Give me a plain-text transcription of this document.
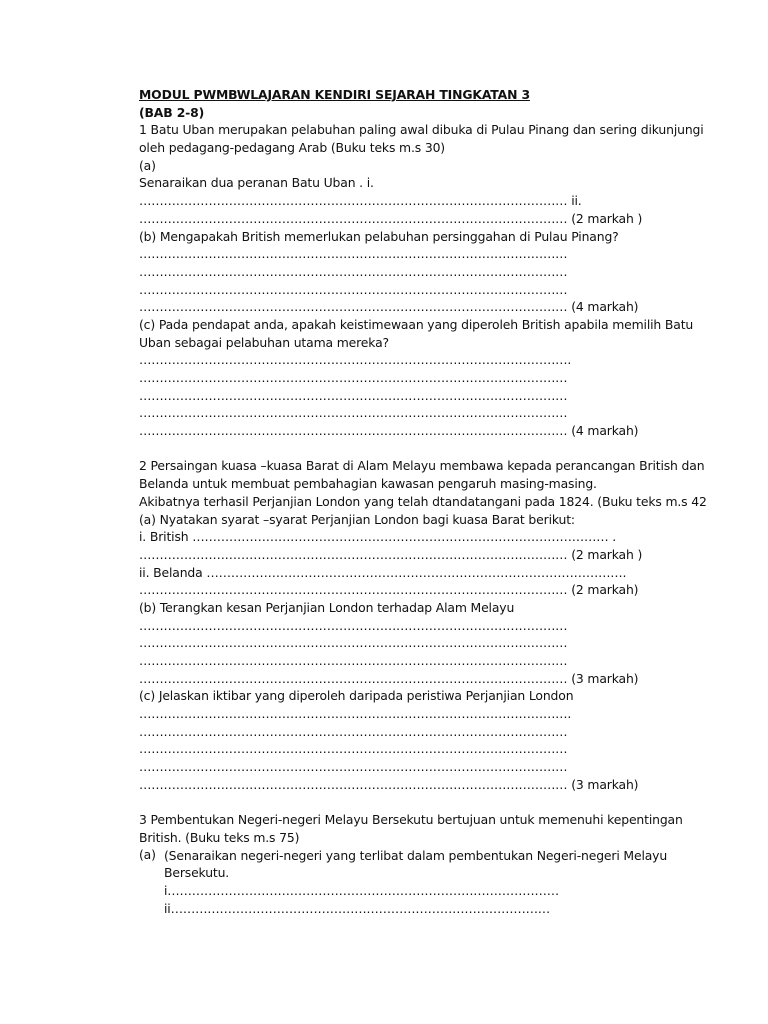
MODUL PWMBWLAJARAN KENDIRI SEJARAH TINGKATAN 3
(BAB 2-8)
1 Batu Uban merupakan pelabuhan paling awal dibuka di Pulau Pinang dan sering dikunjungi
oleh pedagang-pedagang Arab (Buku teks m.s 30)
(a)
Senaraikan dua peranan Batu Uban . i.
…………………………………………………………………………………………… ii.
…………………………………………………………………………………………… (2 markah )
(b) Mengapakah British memerlukan pelabuhan persinggahan di Pulau Pinang?
……………………………………………………………………………………………
……………………………………………………………………………………………
……………………………………………………………………………………………
…………………………………………………………………………………………… (4 markah)
(c) Pada pendapat anda, apakah keistimewaan yang diperoleh British apabila memilih Batu
Uban sebagai pelabuhan utama mereka?
…………………………………………………………………………………………….
……………………………………………………………………………………………
……………………………………………………………………………………………
……………………………………………………………………………………………
…………………………………………………………………………………………… (4 markah)
2 Persaingan kuasa –kuasa Barat di Alam Melayu membawa kepada perancangan British dan
Belanda untuk membuat pembahagian kawasan pengaruh masing-masing.
Akibatnya terhasil Perjanjian London yang telah dtandatangani pada 1824. (Buku teks m.s 42
(a) Nyatakan syarat –syarat Perjanjian London bagi kuasa Barat berikut:
i. British ………………………………………………………………………………………… .
…………………………………………………………………………………………… (2 markah )
ii. Belanda ………………………………………………………………………………………….
…………………………………………………………………………………………… (2 markah)
(b) Terangkan kesan Perjanjian London terhadap Alam Melayu
……………………………………………………………………………………………
……………………………………………………………………………………………
……………………………………………………………………………………………
…………………………………………………………………………………………… (3 markah)
(c) Jelaskan iktibar yang diperoleh daripada peristiwa Perjanjian London
…………………………………………………………………………………………….
……………………………………………………………………………………………
……………………………………………………………………………………………
……………………………………………………………………………………………
…………………………………………………………………………………………… (3 markah)
3 Pembentukan Negeri-negeri Melayu Bersekutu bertujuan untuk memenuhi kepentingan
British. (Buku teks m.s 75)
(a) (Senaraikan negeri-negeri yang terlibat dalam pembentukan Negeri-negeri Melayu
Bersekutu.
i……………………………………………………………………………………
ii…………………………………………………………………………………
